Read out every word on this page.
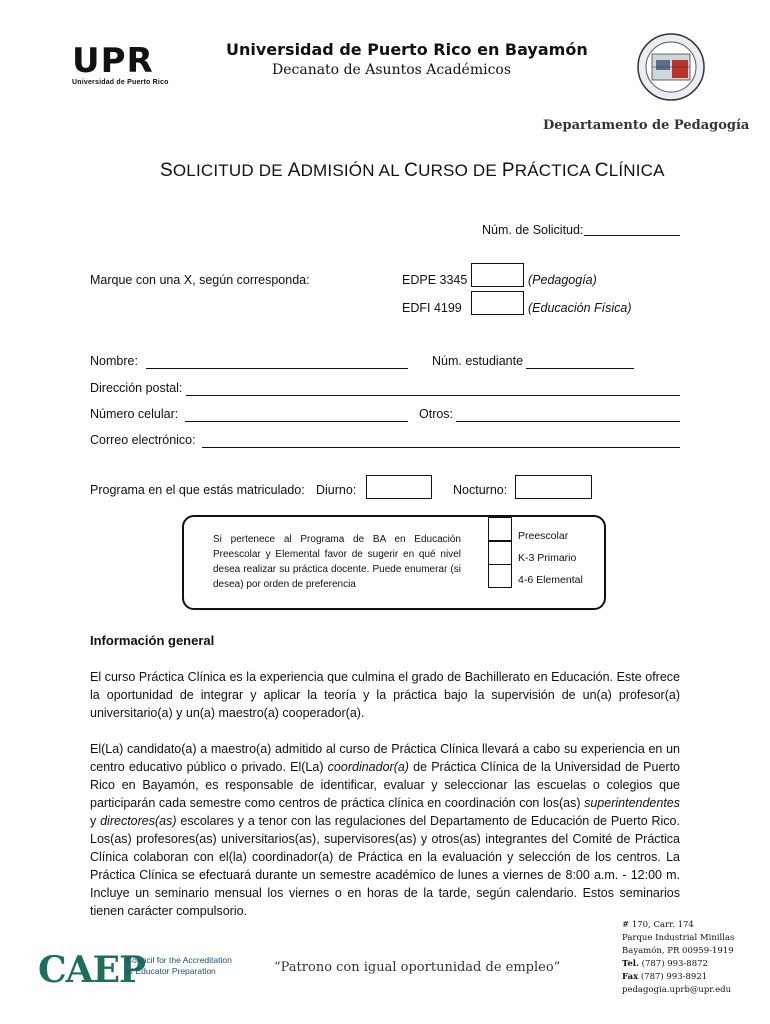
UPR
Universidad de Puerto Rico
Universidad de Puerto Rico en Bayamón
Decanato de Asuntos Académicos
Departamento de Pedagogía
SOLICITUD DE ADMISIÓN AL CURSO DE PRÁCTICA CLÍNICA
Núm. de Solicitud:
Marque con una X, según corresponda:	EDPE 3345	(Pedagogía)
EDFI 4199	(Educación Física)
Nombre:	Núm. estudiante
Dirección postal:
Número celular:	Otros:
Correo electrónico:
Programa en el que estás matriculado: Diurno:	Nocturno:
Si pertenece al Programa de BA en Educación Preescolar y Elemental favor de sugerir en qué nivel desea realizar su práctica docente. Puede enumerar (si desea) por orden de preferencia
Preescolar
K-3 Primario
4-6 Elemental
Información general
El curso Práctica Clínica es la experiencia que culmina el grado de Bachillerato en Educación. Este ofrece la oportunidad de integrar y aplicar la teoría y la práctica bajo la supervisión de un(a) profesor(a) universitario(a) y un(a) maestro(a) cooperador(a).
El(La) candidato(a) a maestro(a) admitido al curso de Práctica Clínica llevará a cabo su experiencia en un centro educativo público o privado. El(La) coordinador(a) de Práctica Clínica de la Universidad de Puerto Rico en Bayamón, es responsable de identificar, evaluar y seleccionar las escuelas o colegios que participarán cada semestre como centros de práctica clínica en coordinación con los(as) superintendentes y directores(as) escolares y a tenor con las regulaciones del Departamento de Educación de Puerto Rico. Los(as) profesores(as) universitarios(as), supervisores(as) y otros(as) integrantes del Comité de Práctica Clínica colaboran con el(la) coordinador(a) de Práctica en la evaluación y selección de los centros. La Práctica Clínica se efectuará durante un semestre académico de lunes a viernes de 8:00 a.m. - 12:00 m. Incluye un seminario mensual los viernes o en horas de la tarde, según calendario. Estos seminarios tienen carácter compulsorio.
CAEP
Council for the Accreditation of Educator Preparation	“Patrono con igual oportunidad de empleo”
# 170, Carr. 174
Parque Industrial Minillas
Bayamón, PR 00959-1919
Tel. (787) 993-8872
Fax (787) 993-8921
pedagogia.uprb@upr.edu
